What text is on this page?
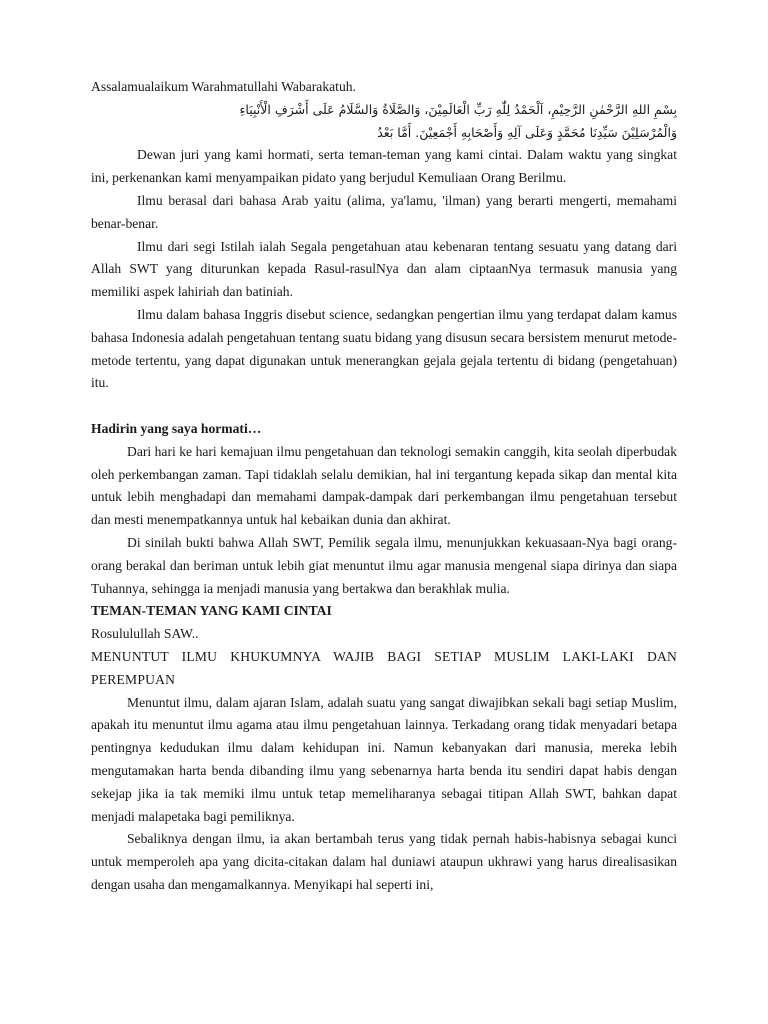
Assalamualaikum Warahmatullahi Wabarakatuh.

بِسْمِ اللهِ الرَّحْمٰنِ الرَّحِيْمِ، اَلْحَمْدُ لِلّٰهِ رَبِّ الْعَالَمِيْنَ، وَالصَّلَاةُ وَالسَّلَامُ عَلَى أَشْرَفِ الْأَنْبِيَاءِ
وَالْمُرْسَلِيْنَ سَيِّدِنَا مُحَمَّدٍ وَعَلَى آلِهِ وَأَصْحَابِهِ أَجْمَعِيْنَ. أَمَّا بَعْدُ

Dewan juri yang kami hormati, serta teman-teman yang kami cintai. Dalam waktu yang singkat ini, perkenankan kami menyampaikan pidato yang berjudul Kemuliaan Orang Berilmu.

Ilmu berasal dari bahasa Arab yaitu (alima, ya'lamu, 'ilman) yang berarti mengerti, memahami benar-benar.

Ilmu dari segi Istilah ialah Segala pengetahuan atau kebenaran tentang sesuatu yang datang dari Allah SWT yang diturunkan kepada Rasul-rasulNya dan alam ciptaanNya termasuk manusia yang memiliki aspek lahiriah dan batiniah.

Ilmu dalam bahasa Inggris disebut science, sedangkan pengertian ilmu yang terdapat dalam kamus bahasa Indonesia adalah pengetahuan tentang suatu bidang yang disusun secara bersistem menurut metode-metode tertentu, yang dapat digunakan untuk menerangkan gejala gejala tertentu di bidang (pengetahuan) itu.

Hadirin yang saya hormati…

Dari hari ke hari kemajuan ilmu pengetahuan dan teknologi semakin canggih, kita seolah diperbudak oleh perkembangan zaman. Tapi tidaklah selalu demikian, hal ini tergantung kepada sikap dan mental kita untuk lebih menghadapi dan memahami dampak-dampak dari perkembangan ilmu pengetahuan tersebut dan mesti menempatkannya untuk hal kebaikan dunia dan akhirat.

Di sinilah bukti bahwa Allah SWT, Pemilik segala ilmu, menunjukkan kekuasaan-Nya bagi orang-orang berakal dan beriman untuk lebih giat menuntut ilmu agar manusia mengenal siapa dirinya dan siapa Tuhannya, sehingga ia menjadi manusia yang bertakwa dan berakhlak mulia.

TEMAN-TEMAN YANG KAMI CINTAI

Rosululullah SAW..

MENUNTUT ILMU KHUKUMNYA WAJIB BAGI SETIAP MUSLIM LAKI-LAKI DAN PEREMPUAN

Menuntut ilmu, dalam ajaran Islam, adalah suatu yang sangat diwajibkan sekali bagi setiap Muslim, apakah itu menuntut ilmu agama atau ilmu pengetahuan lainnya. Terkadang orang tidak menyadari betapa pentingnya kedudukan ilmu dalam kehidupan ini. Namun kebanyakan dari manusia, mereka lebih mengutamakan harta benda dibanding ilmu yang sebenarnya harta benda itu sendiri dapat habis dengan sekejap jika ia tak memiki ilmu untuk tetap memeliharanya sebagai titipan Allah SWT, bahkan dapat menjadi malapetaka bagi pemiliknya.

Sebaliknya dengan ilmu, ia akan bertambah terus yang tidak pernah habis-habisnya sebagai kunci untuk memperoleh apa yang dicita-citakan dalam hal duniawi ataupun ukhrawi yang harus direalisasikan dengan usaha dan mengamalkannya. Menyikapi hal seperti ini,
